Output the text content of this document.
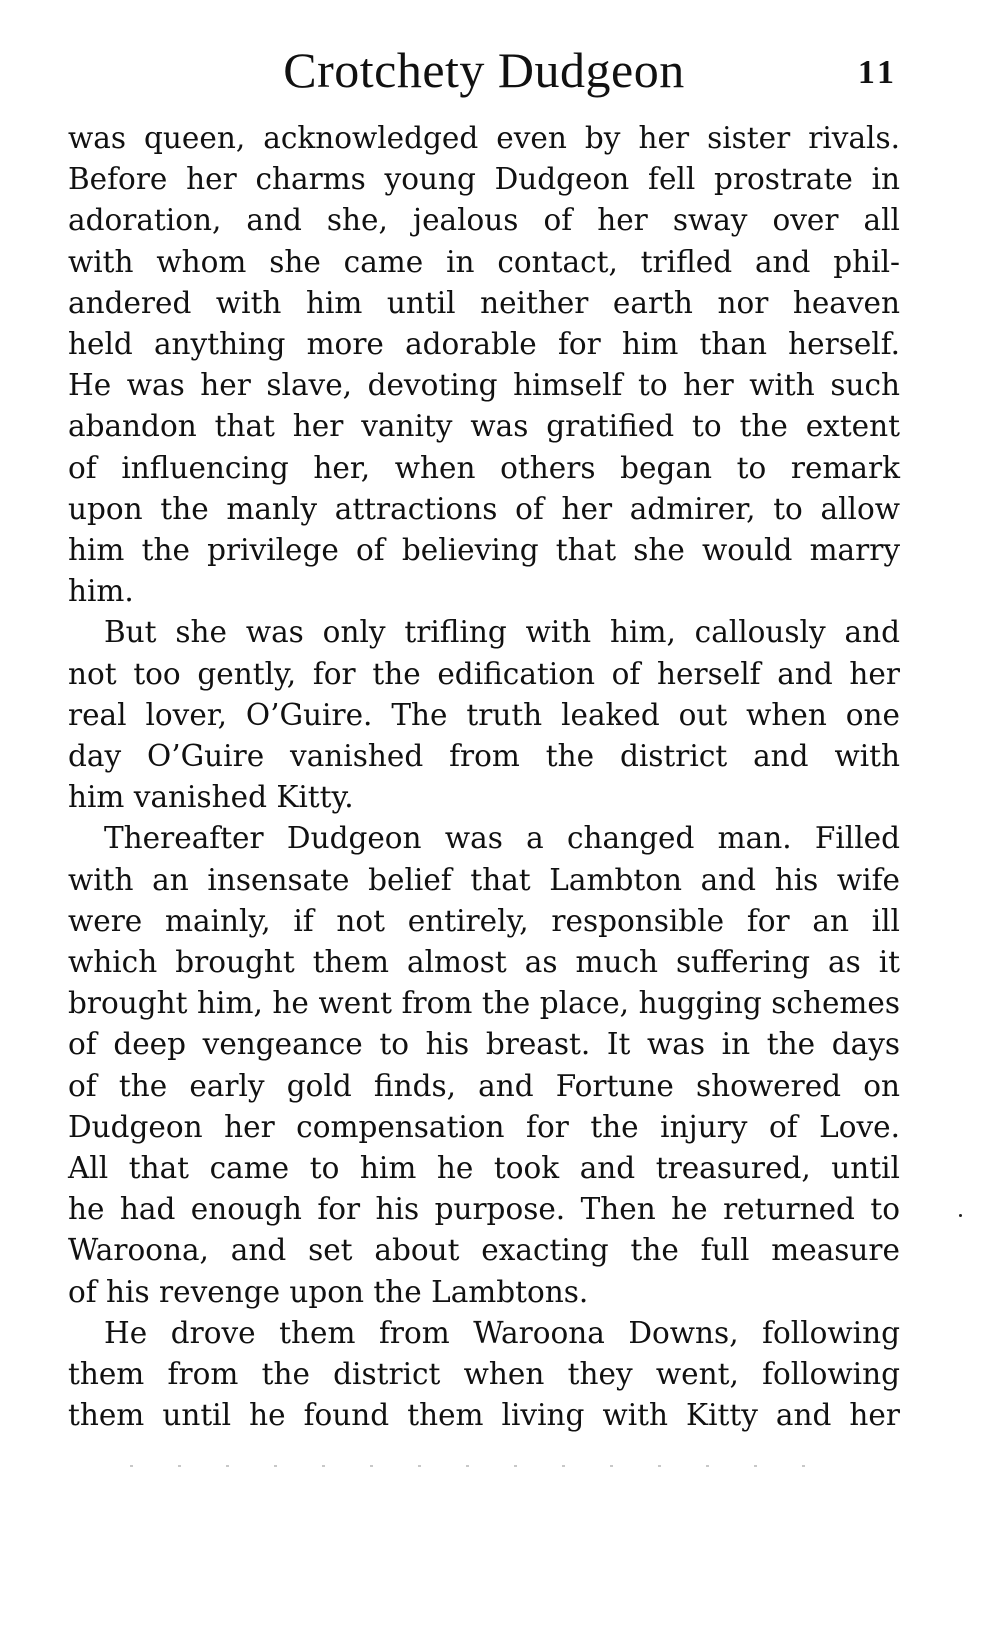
Crotchety Dudgeon	11
was queen, acknowledged even by her sister rivals.
Before her charms young Dudgeon fell prostrate in
adoration, and she, jealous of her sway over all
with whom she came in contact, trifled and phil-
andered with him until neither earth nor heaven
held anything more adorable for him than herself.
He was her slave, devoting himself to her with such
abandon that her vanity was gratified to the extent
of influencing her, when others began to remark
upon the manly attractions of her admirer, to allow
him the privilege of believing that she would marry
him.
But she was only trifling with him, callously and
not too gently, for the edification of herself and her
real lover, O’Guire. The truth leaked out when one
day O’Guire vanished from the district and with
him vanished Kitty.
Thereafter Dudgeon was a changed man. Filled
with an insensate belief that Lambton and his wife
were mainly, if not entirely, responsible for an ill
which brought them almost as much suffering as it
brought him, he went from the place, hugging schemes
of deep vengeance to his breast. It was in the days
of the early gold finds, and Fortune showered on
Dudgeon her compensation for the injury of Love.
All that came to him he took and treasured, until
he had enough for his purpose. Then he returned to
Waroona, and set about exacting the full measure
of his revenge upon the Lambtons.
He drove them from Waroona Downs, following
them from the district when they went, following
them until he found them living with Kitty and her
